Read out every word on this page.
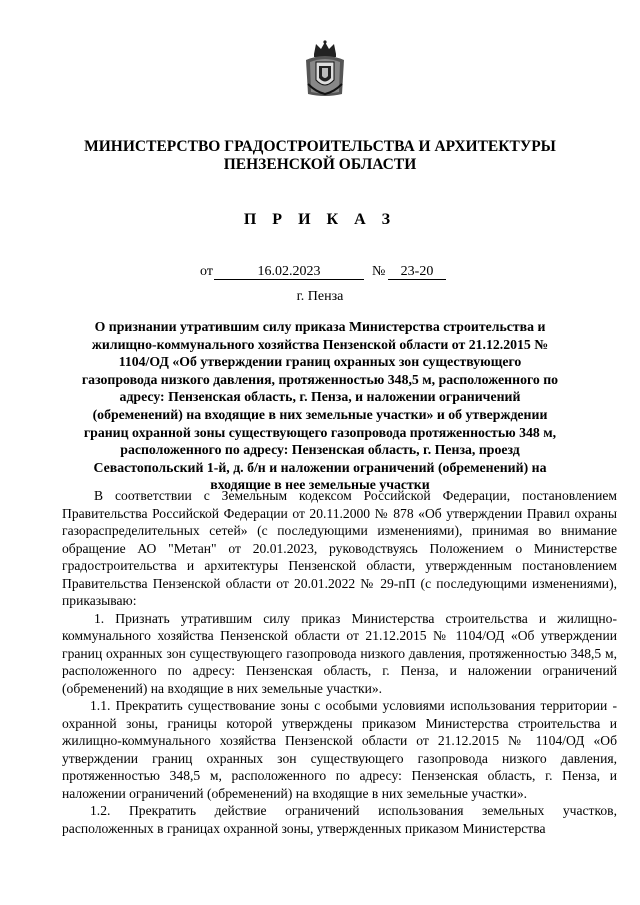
МИНИСТЕРСТВО ГРАДОСТРОИТЕЛЬСТВА И АРХИТЕКТУРЫ
ПЕНЗЕНСКОЙ ОБЛАСТИ
П Р И К А З
от	16.02.2023	№	23-20
г. Пенза
О признании утратившим силу приказа Министерства строительства и жилищно-коммунального хозяйства Пензенской области от 21.12.2015 № 1104/ОД «Об утверждении границ охранных зон существующего газопровода низкого давления, протяженностью 348,5 м, расположенного по адресу: Пензенская область, г. Пенза, и наложении ограничений (обременений) на входящие в них земельные участки» и об утверждении границ охранной зоны существующего газопровода протяженностью 348 м, расположенного по адресу: Пензенская область, г. Пенза, проезд Севастопольский 1-й, д. б/н и наложении ограничений (обременений) на входящие в нее земельные участки

В соответствии с Земельным кодексом Российской Федерации, постановлением Правительства Российской Федерации от 20.11.2000 № 878 «Об утверждении Правил охраны газораспределительных сетей» (с последующими изменениями), принимая во внимание обращение АО "Метан" от 20.01.2023, руководствуясь Положением о Министерстве градостроительства и архитектуры Пензенской области, утвержденным постановлением Правительства Пензенской области от 20.01.2022 № 29-пП (с последующими изменениями), приказываю:

1. Признать утратившим силу приказ Министерства строительства и жилищно-коммунального хозяйства Пензенской области от 21.12.2015 № 1104/ОД «Об утверждении границ охранных зон существующего газопровода низкого давления, протяженностью 348,5 м, расположенного по адресу: Пензенская область, г. Пенза, и наложении ограничений (обременений) на входящие в них земельные участки».

1.1. Прекратить существование зоны с особыми условиями использования территории - охранной зоны, границы которой утверждены приказом Министерства строительства и жилищно-коммунального хозяйства Пензенской области от 21.12.2015 № 1104/ОД «Об утверждении границ охранных зон существующего газопровода низкого давления, протяженностью 348,5 м, расположенного по адресу: Пензенская область, г. Пенза, и наложении ограничений (обременений) на входящие в них земельные участки».

1.2. Прекратить действие ограничений использования земельных участков, расположенных в границах охранной зоны, утвержденных приказом Министерства
